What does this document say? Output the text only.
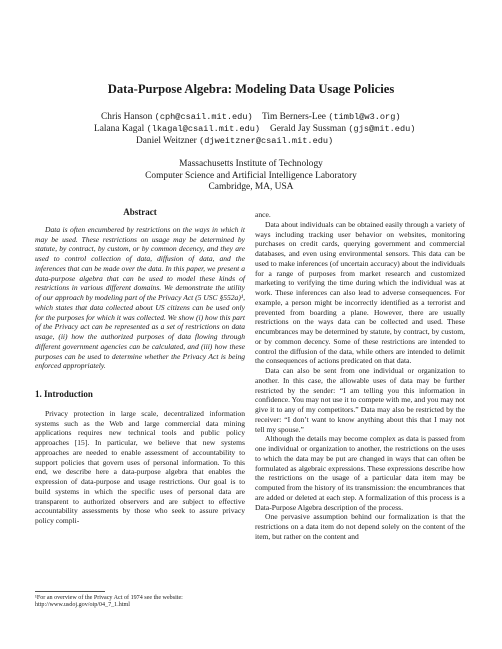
Data-Purpose Algebra: Modeling Data Usage Policies
Chris Hanson (cph@csail.mit.edu) Tim Berners-Lee (timbl@w3.org)
Lalana Kagal (lkagal@csail.mit.edu) Gerald Jay Sussman (gjs@mit.edu)
Daniel Weitzner (djweitzner@csail.mit.edu)
Massachusetts Institute of Technology
Computer Science and Artificial Intelligence Laboratory
Cambridge, MA, USA
Abstract

Data is often encumbered by restrictions on the ways in which it may be used. These restrictions on usage may be determined by statute, by contract, by custom, or by common decency, and they are used to control collection of data, diffusion of data, and the inferences that can be made over the data. In this paper, we present a data-purpose algebra that can be used to model these kinds of restrictions in various different domains. We demonstrate the utility of our approach by modeling part of the Privacy Act (5 USC §552a)¹, which states that data collected about US citizens can be used only for the purposes for which it was collected. We show (i) how this part of the Privacy act can be represented as a set of restrictions on data usage, (ii) how the authorized purposes of data flowing through different government agencies can be calculated, and (iii) how these purposes can be used to determine whether the Privacy Act is being enforced appropriately.

1. Introduction

Privacy protection in large scale, decentralized information systems such as the Web and large commercial data mining applications requires new technical tools and public policy approaches [15]. In particular, we believe that new systems approaches are needed to enable assessment of accountability to support policies that govern uses of personal information. To this end, we describe here a data-purpose algebra that enables the expression of data-purpose and usage restrictions. Our goal is to build systems in which the specific uses of personal data are transparent to authorized observers and are subject to effective accountability assessments by those who seek to assure privacy policy compli-

ance.

Data about individuals can be obtained easily through a variety of ways including tracking user behavior on websites, monitoring purchases on credit cards, querying government and commercial databases, and even using environmental sensors. This data can be used to make inferences (of uncertain accuracy) about the individuals for a range of purposes from market research and customized marketing to verifying the time during which the individual was at work. These inferences can also lead to adverse consequences. For example, a person might be incorrectly identified as a terrorist and prevented from boarding a plane. However, there are usually restrictions on the ways data can be collected and used. These encumbrances may be determined by statute, by contract, by custom, or by common decency. Some of these restrictions are intended to control the diffusion of the data, while others are intended to delimit the consequences of actions predicated on that data.

Data can also be sent from one individual or organization to another. In this case, the allowable uses of data may be further restricted by the sender: “I am telling you this information in confidence. You may not use it to compete with me, and you may not give it to any of my competitors.” Data may also be restricted by the receiver: “I don’t want to know anything about this that I may not tell my spouse.”

Although the details may become complex as data is passed from one individual or organization to another, the restrictions on the uses to which the data may be put are changed in ways that can often be formulated as algebraic expressions. These expressions describe how the restrictions on the usage of a particular data item may be computed from the history of its transmission: the encumbrances that are added or deleted at each step. A formalization of this process is a Data-Purpose Algebra description of the process.

One pervasive assumption behind our formalization is that the restrictions on a data item do not depend solely on the content of the item, but rather on the content and

¹For an overview of the Privacy Act of 1974 see the website: http://www.usdoj.gov/oip/04_7_1.html
